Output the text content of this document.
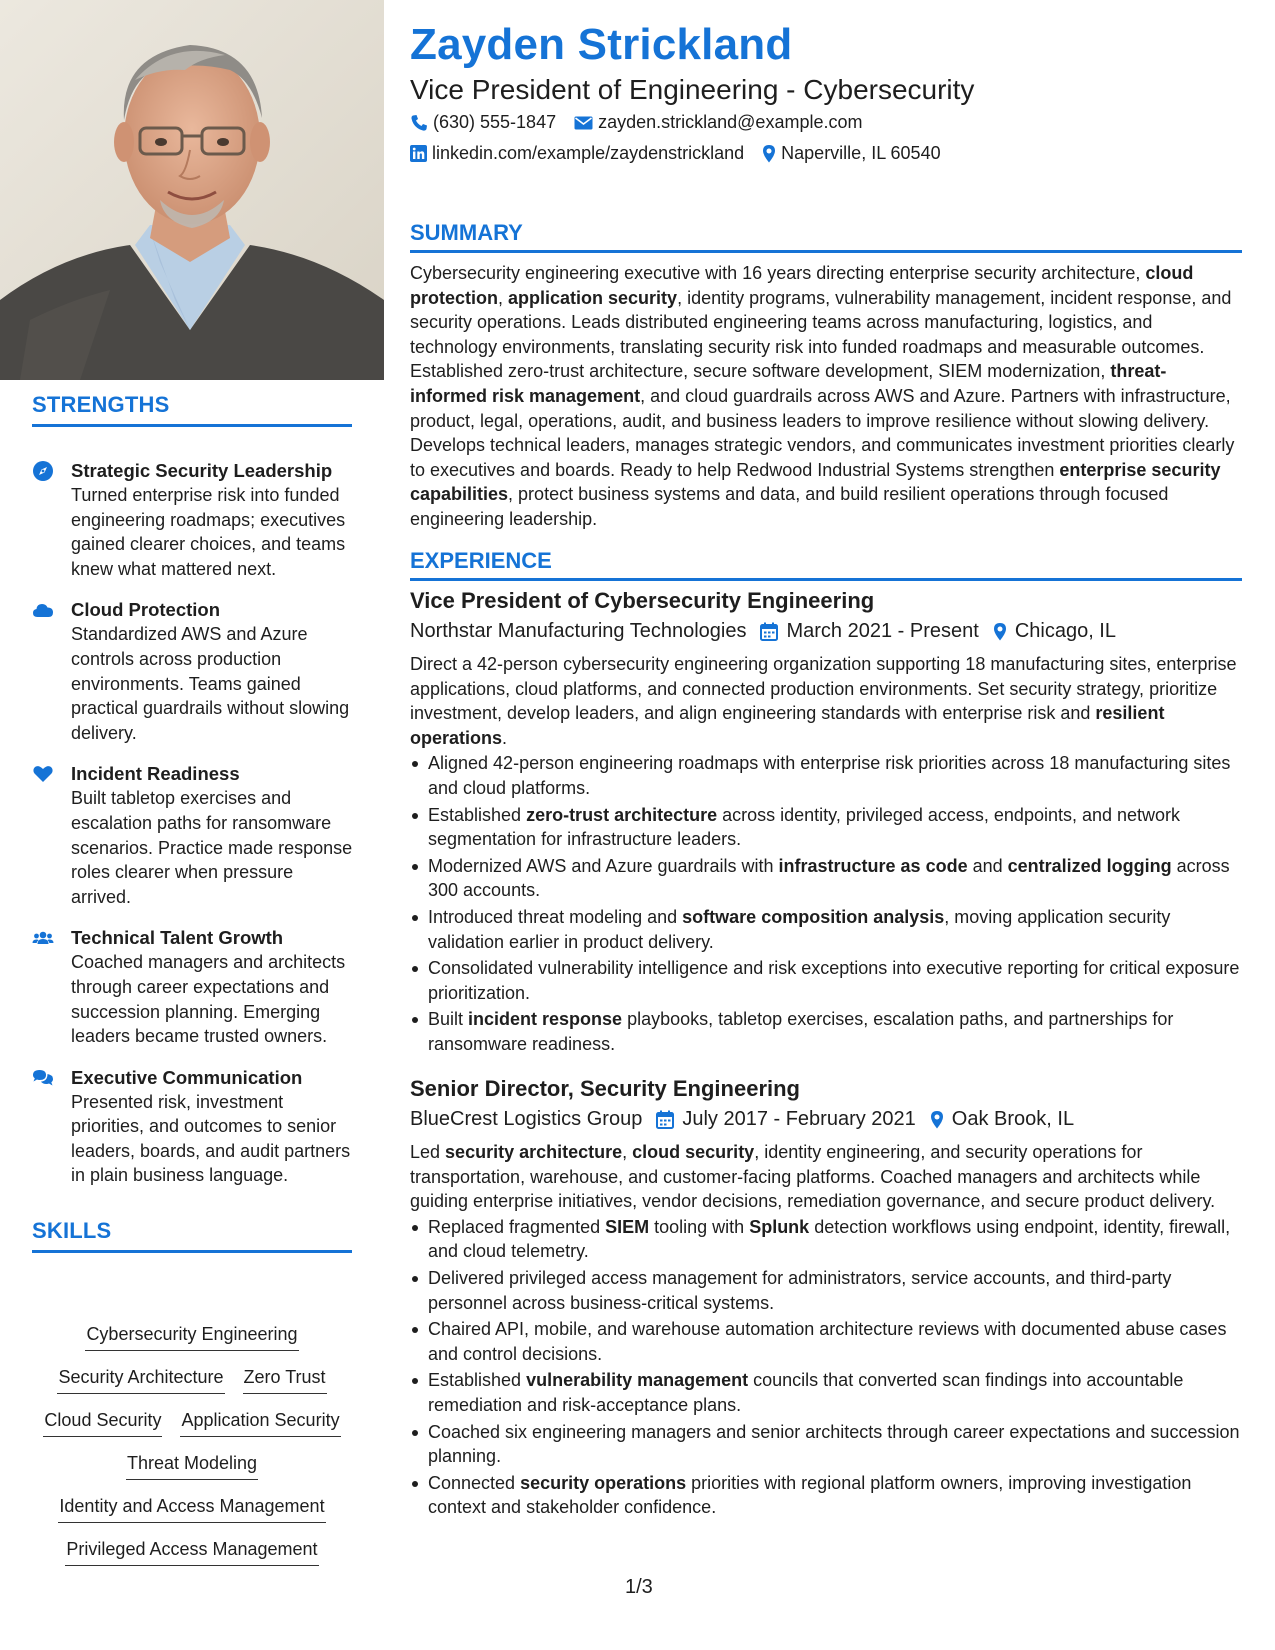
STRENGTHS
Strategic Security Leadership
Turned enterprise risk into funded engineering roadmaps; executives gained clearer choices, and teams knew what mattered next.
Cloud Protection
Standardized AWS and Azure controls across production environments. Teams gained practical guardrails without slowing delivery.
Incident Readiness
Built tabletop exercises and escalation paths for ransomware scenarios. Practice made response roles clearer when pressure arrived.
Technical Talent Growth
Coached managers and architects through career expectations and succession planning. Emerging leaders became trusted owners.
Executive Communication
Presented risk, investment priorities, and outcomes to senior leaders, boards, and audit partners in plain business language.
SKILLS
Cybersecurity Engineering
Security Architecture Zero Trust
Cloud Security Application Security
Threat Modeling
Identity and Access Management
Privileged Access Management
Zayden Strickland
Vice President of Engineering - Cybersecurity
(630) 555-1847 zayden.strickland@example.com
linkedin.com/example/zaydenstrickland Naperville, IL 60540
SUMMARY
Cybersecurity engineering executive with 16 years directing enterprise security architecture, cloud protection, application security, identity programs, vulnerability management, incident response, and security operations. Leads distributed engineering teams across manufacturing, logistics, and technology environments, translating security risk into funded roadmaps and measurable outcomes. Established zero-trust architecture, secure software development, SIEM modernization, threat-informed risk management, and cloud guardrails across AWS and Azure. Partners with infrastructure, product, legal, operations, audit, and business leaders to improve resilience without slowing delivery. Develops technical leaders, manages strategic vendors, and communicates investment priorities clearly to executives and boards. Ready to help Redwood Industrial Systems strengthen enterprise security capabilities, protect business systems and data, and build resilient operations through focused engineering leadership.
EXPERIENCE
Vice President of Cybersecurity Engineering
Northstar Manufacturing Technologies March 2021 - Present Chicago, IL
Direct a 42-person cybersecurity engineering organization supporting 18 manufacturing sites, enterprise applications, cloud platforms, and connected production environments. Set security strategy, prioritize investment, develop leaders, and align engineering standards with enterprise risk and resilient operations.
Aligned 42-person engineering roadmaps with enterprise risk priorities across 18 manufacturing sites and cloud platforms.
Established zero-trust architecture across identity, privileged access, endpoints, and network segmentation for infrastructure leaders.
Modernized AWS and Azure guardrails with infrastructure as code and centralized logging across 300 accounts.
Introduced threat modeling and software composition analysis, moving application security validation earlier in product delivery.
Consolidated vulnerability intelligence and risk exceptions into executive reporting for critical exposure prioritization.
Built incident response playbooks, tabletop exercises, escalation paths, and partnerships for ransomware readiness.
Senior Director, Security Engineering
BlueCrest Logistics Group July 2017 - February 2021 Oak Brook, IL
Led security architecture, cloud security, identity engineering, and security operations for transportation, warehouse, and customer-facing platforms. Coached managers and architects while guiding enterprise initiatives, vendor decisions, remediation governance, and secure product delivery.
Replaced fragmented SIEM tooling with Splunk detection workflows using endpoint, identity, firewall, and cloud telemetry.
Delivered privileged access management for administrators, service accounts, and third-party personnel across business-critical systems.
Chaired API, mobile, and warehouse automation architecture reviews with documented abuse cases and control decisions.
Established vulnerability management councils that converted scan findings into accountable remediation and risk-acceptance plans.
Coached six engineering managers and senior architects through career expectations and succession planning.
Connected security operations priorities with regional platform owners, improving investigation context and stakeholder confidence.
1/3
